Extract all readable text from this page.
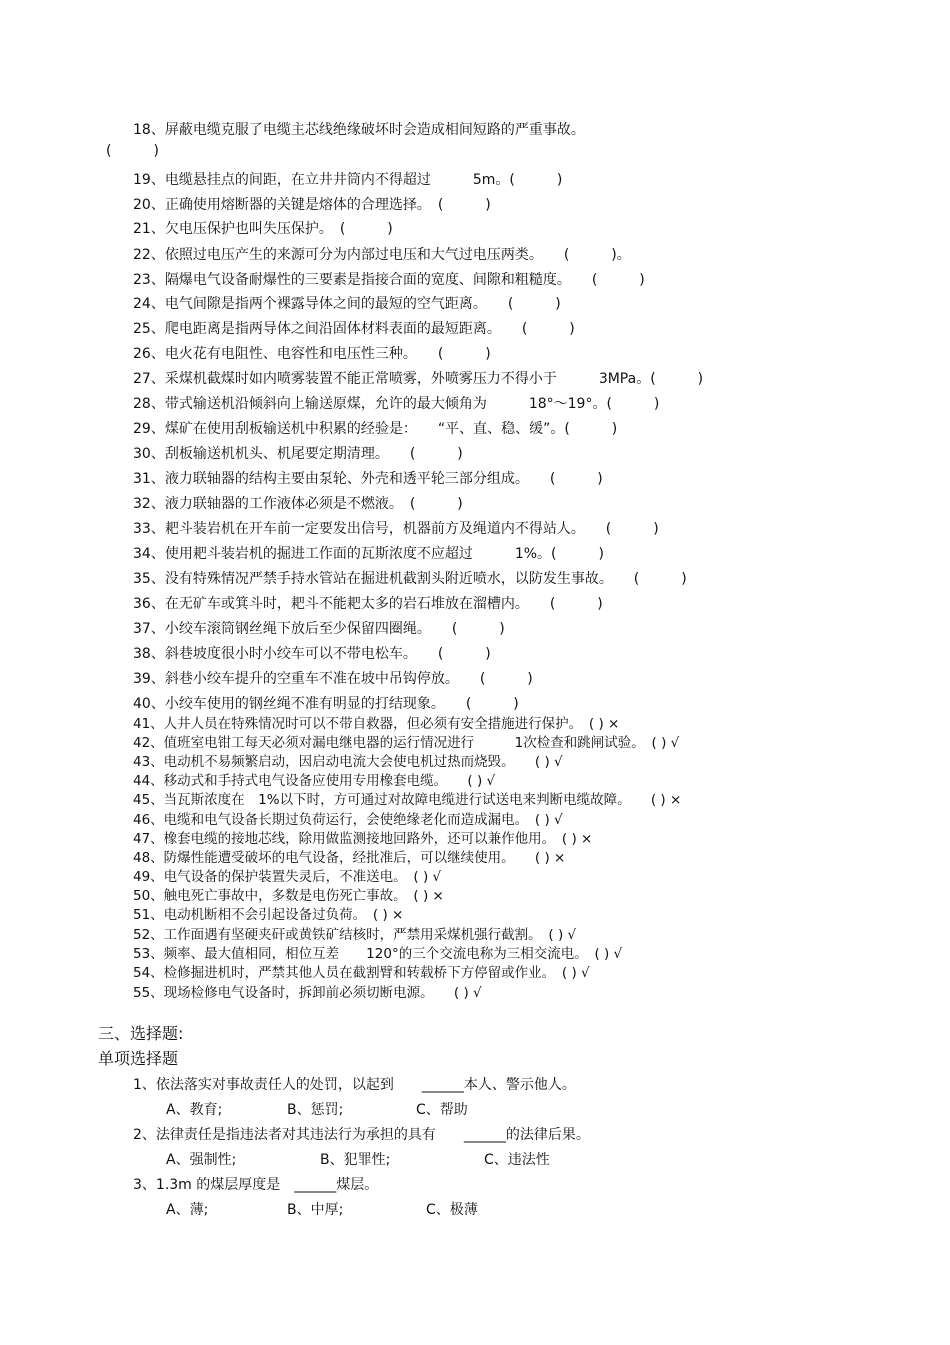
18、屏蔽电缆克服了电缆主芯线绝缘破坏时会造成相间短路的严重事故。
(　　　)
19、电缆悬挂点的间距，在立井井筒内不得超过　　　5m。(　　　)
20、正确使用熔断器的关键是熔体的合理选择。　(　　　)
21、欠电压保护也叫失压保护。　(　　　)
22、依照过电压产生的来源可分为内部过电压和大气过电压两类。　　(　　　)。
23、隔爆电气设备耐爆性的三要素是指接合面的宽度、间隙和粗糙度。　　(　　　)
24、电气间隙是指两个裸露导体之间的最短的空气距离。　　(　　　)
25、爬电距离是指两导体之间沿固体材料表面的最短距离。　　(　　　)
26、电火花有电阻性、电容性和电压性三种。　　(　　　)
27、采煤机截煤时如内喷雾装置不能正常喷雾，外喷雾压力不得小于　　　3MPa。(　　　)
28、带式输送机沿倾斜向上输送原煤，允许的最大倾角为　　　18°～19°。(　　　)
29、煤矿在使用刮板输送机中积累的经验是：　　“平、直、稳、缓”。(　　　)
30、刮板输送机机头、机尾要定期清理。　　(　　　)
31、液力联轴器的结构主要由泵轮、外壳和透平轮三部分组成。　　(　　　)
32、液力联轴器的工作液体必须是不燃液。　(　　　)
33、耙斗装岩机在开车前一定要发出信号，机器前方及绳道内不得站人。　　(　　　)
34、使用耙斗装岩机的掘进工作面的瓦斯浓度不应超过　　　1%。(　　　)
35、没有特殊情况严禁手持水管站在掘进机截割头附近喷水，以防发生事故。　　(　　　)
36、在无矿车或箕斗时，耙斗不能耙太多的岩石堆放在溜槽内。　　(　　　)
37、小绞车滚筒钢丝绳下放后至少保留四圈绳。　　(　　　)
38、斜巷坡度很小时小绞车可以不带电松车。　　(　　　)
39、斜巷小绞车提升的空重车不准在坡中吊钩停放。　　(　　　)
40、小绞车使用的钢丝绳不准有明显的打结现象。　　(　　　)
41、人井人员在特殊情况时可以不带自救器，但必须有安全措施进行保护。　( ) ×
42、值班室电钳工每天必须对漏电继电器的运行情况进行　　　1次检查和跳闸试验。　( ) √
43、电动机不易频繁启动，因启动电流大会使电机过热而烧毁。　　( ) √
44、移动式和手持式电气设备应使用专用橡套电缆。　　( ) √
45、当瓦斯浓度在　1%以下时，方可通过对故障电缆进行试送电来判断电缆故障。　　( ) ×
46、电缆和电气设备长期过负荷运行，会使绝缘老化而造成漏电。　( ) √
47、橡套电缆的接地芯线，除用做监测接地回路外，还可以兼作他用。　( ) ×
48、防爆性能遭受破坏的电气设备，经批准后，可以继续使用。　　( ) ×
49、电气设备的保护装置失灵后，不准送电。　( ) √
50、触电死亡事故中，多数是电伤死亡事故。　( ) ×
51、电动机断相不会引起设备过负荷。　( ) ×
52、工作面遇有坚硬夹矸或黄铁矿结核时，严禁用采煤机强行截割。　( ) √
53、频率、最大值相同，相位互差　　120°的三个交流电称为三相交流电。　( ) √
54、检修掘进机时，严禁其他人员在截割臂和转载桥下方停留或作业。　( ) √
55、现场检修电气设备时，拆卸前必须切断电源。　　( ) √
三、选择题:
单项选择题
1、依法落实对事故责任人的处罚，以起到　　______本人、警示他人。
A、教育;	B、惩罚;	C、帮助
2、法律责任是指违法者对其违法行为承担的具有　　______的法律后果。
A、强制性;	B、犯罪性;	C、违法性
3、1.3m 的煤层厚度是　______煤层。
A、薄;	B、中厚;	C、极薄
